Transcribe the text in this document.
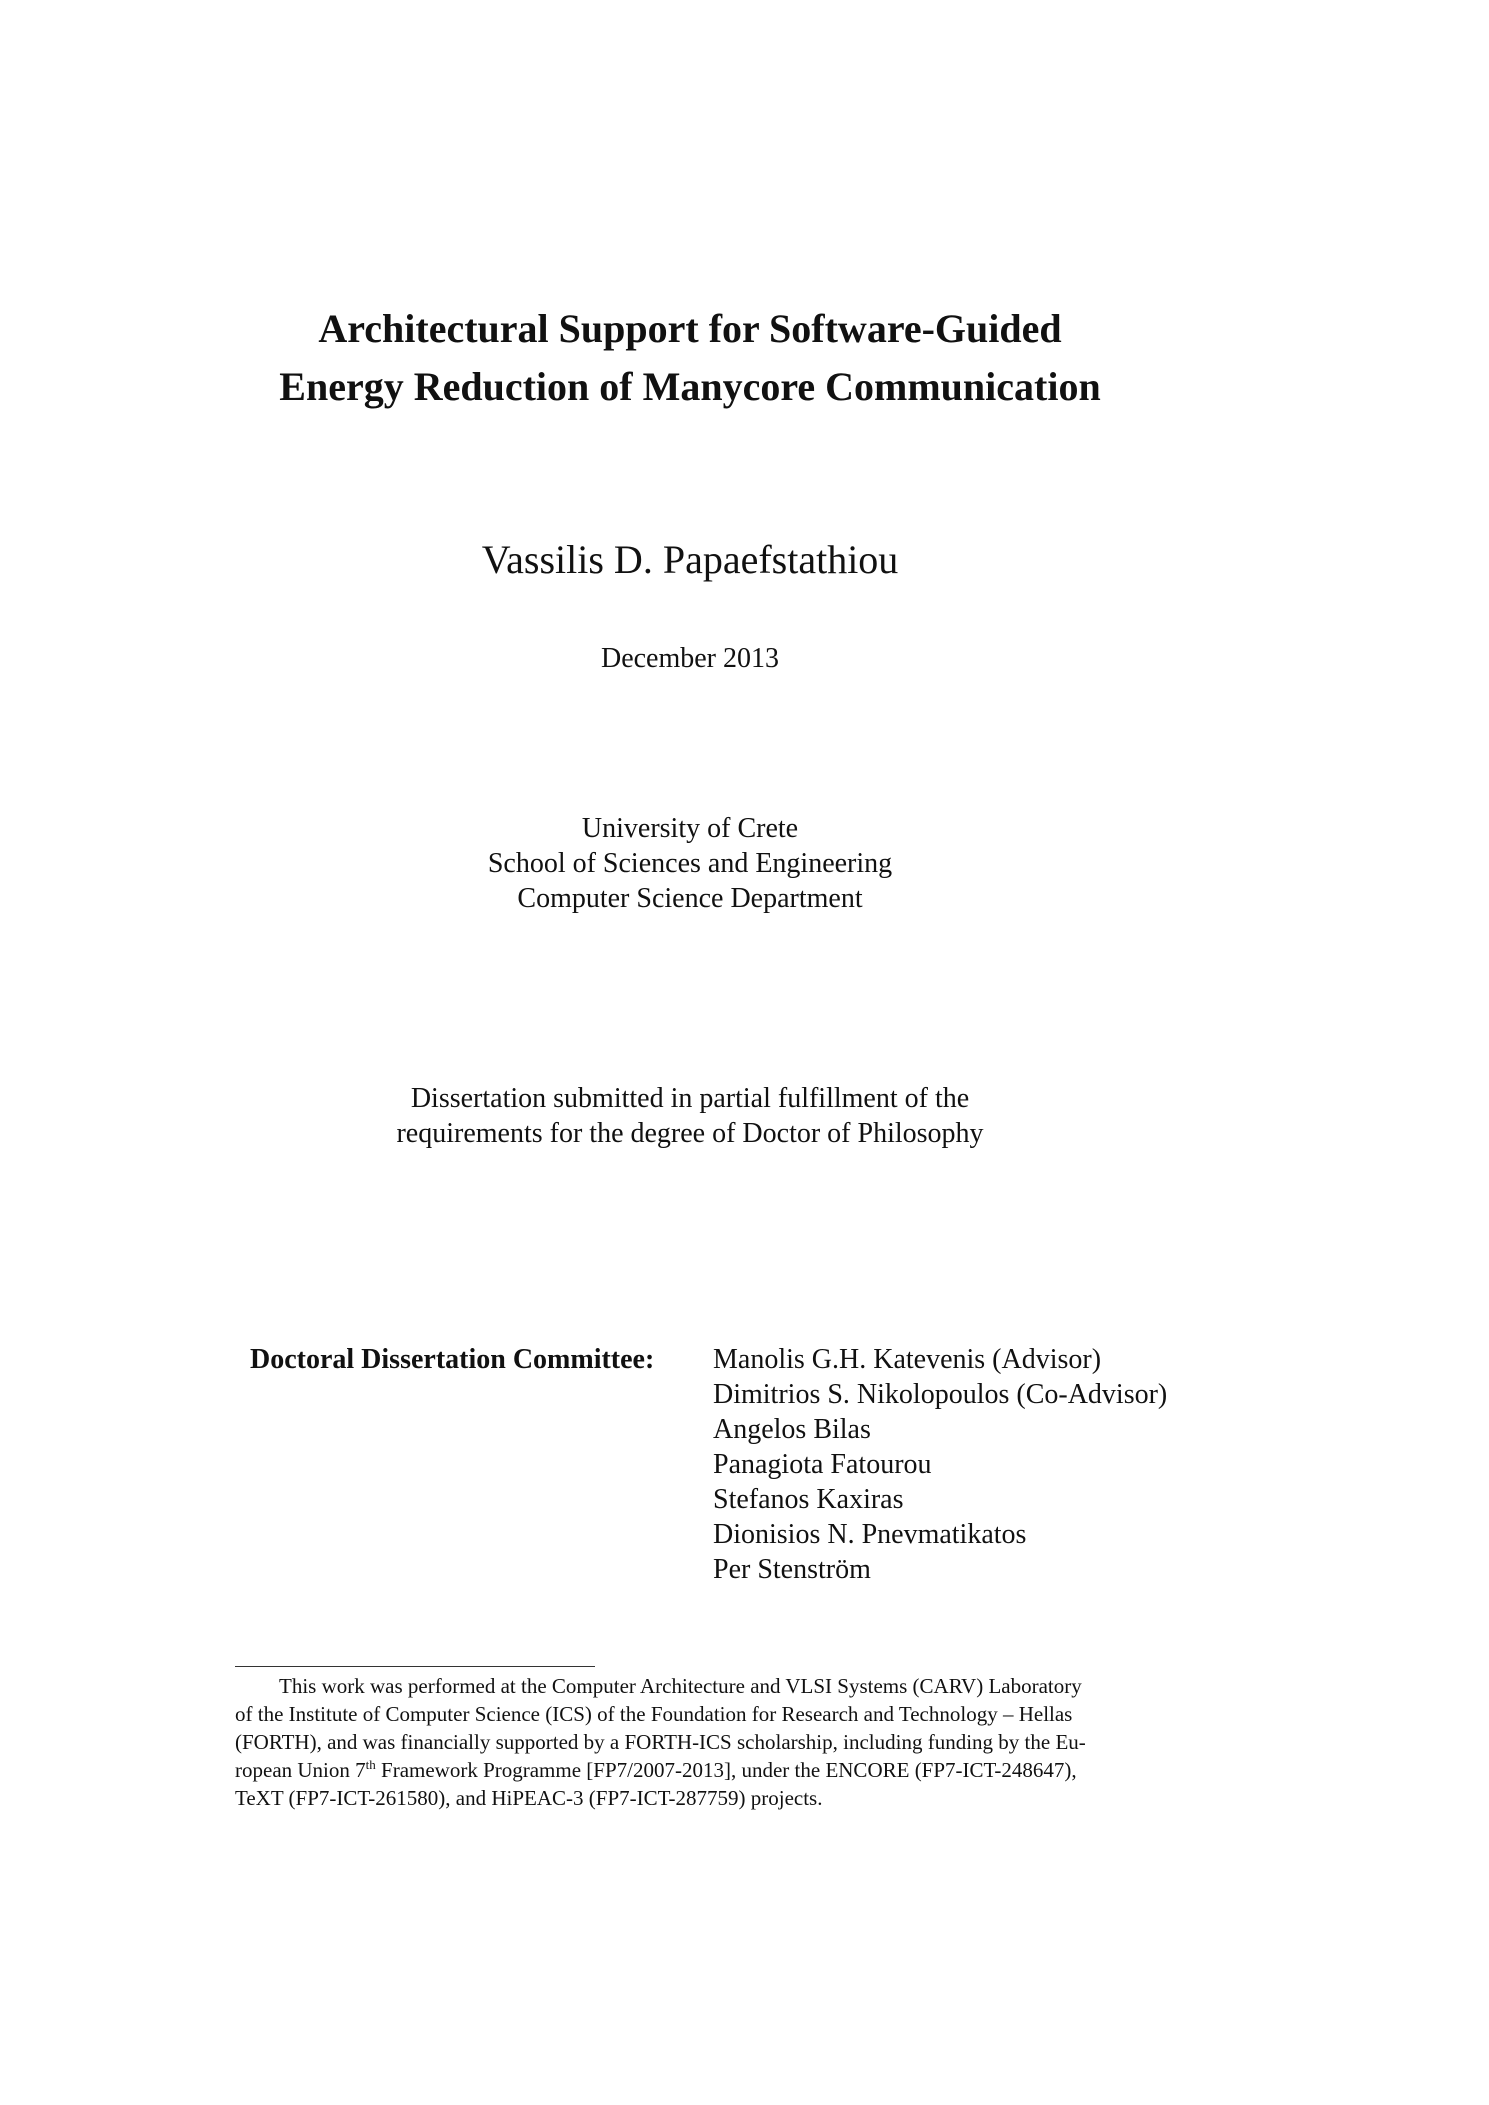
Architectural Support for Software-Guided
Energy Reduction of Manycore Communication
Vassilis D. Papaefstathiou
December 2013
University of Crete
School of Sciences and Engineering
Computer Science Department
Dissertation submitted in partial fulfillment of the
requirements for the degree of Doctor of Philosophy
Doctoral Dissertation Committee: Manolis G.H. Katevenis (Advisor)
Dimitrios S. Nikolopoulos (Co-Advisor)
Angelos Bilas
Panagiota Fatourou
Stefanos Kaxiras
Dionisios N. Pnevmatikatos
Per Stenström
This work was performed at the Computer Architecture and VLSI Systems (CARV) Laboratory
of the Institute of Computer Science (ICS) of the Foundation for Research and Technology – Hellas
(FORTH), and was financially supported by a FORTH-ICS scholarship, including funding by the Eu-
ropean Union 7th Framework Programme [FP7/2007-2013], under the ENCORE (FP7-ICT-248647),
TeXT (FP7-ICT-261580), and HiPEAC-3 (FP7-ICT-287759) projects.
